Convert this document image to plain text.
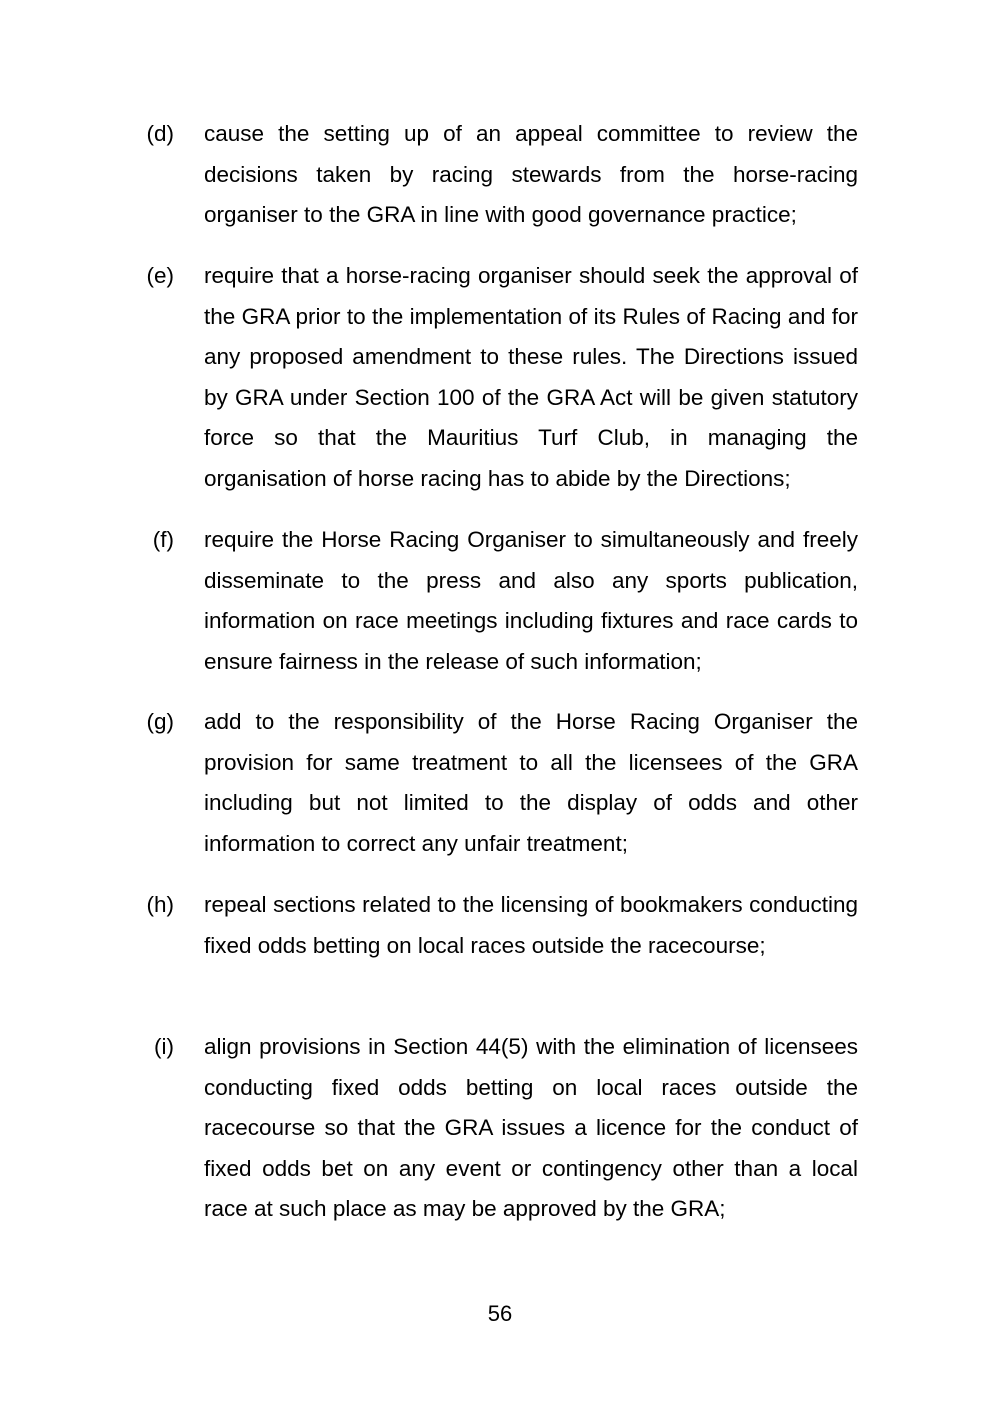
(d) cause the setting up of an appeal committee to review the decisions taken by racing stewards from the horse-racing organiser to the GRA in line with good governance practice;
(e) require that a horse-racing organiser should seek the approval of the GRA prior to the implementation of its Rules of Racing and for any proposed amendment to these rules. The Directions issued by GRA under Section 100 of the GRA Act will be given statutory force so that the Mauritius Turf Club, in managing the organisation of horse racing has to abide by the Directions;
(f) require the Horse Racing Organiser to simultaneously and freely disseminate to the press and also any sports publication, information on race meetings including fixtures and race cards to ensure fairness in the release of such information;
(g) add to the responsibility of the Horse Racing Organiser the provision for same treatment to all the licensees of the GRA including but not limited to the display of odds and other information to correct any unfair treatment;
(h) repeal sections related to the licensing of bookmakers conducting fixed odds betting on local races outside the racecourse;
(i) align provisions in Section 44(5) with the elimination of licensees conducting fixed odds betting on local races outside the racecourse so that the GRA issues a licence for the conduct of fixed odds bet on any event or contingency other than a local race at such place as may be approved by the GRA;
56
